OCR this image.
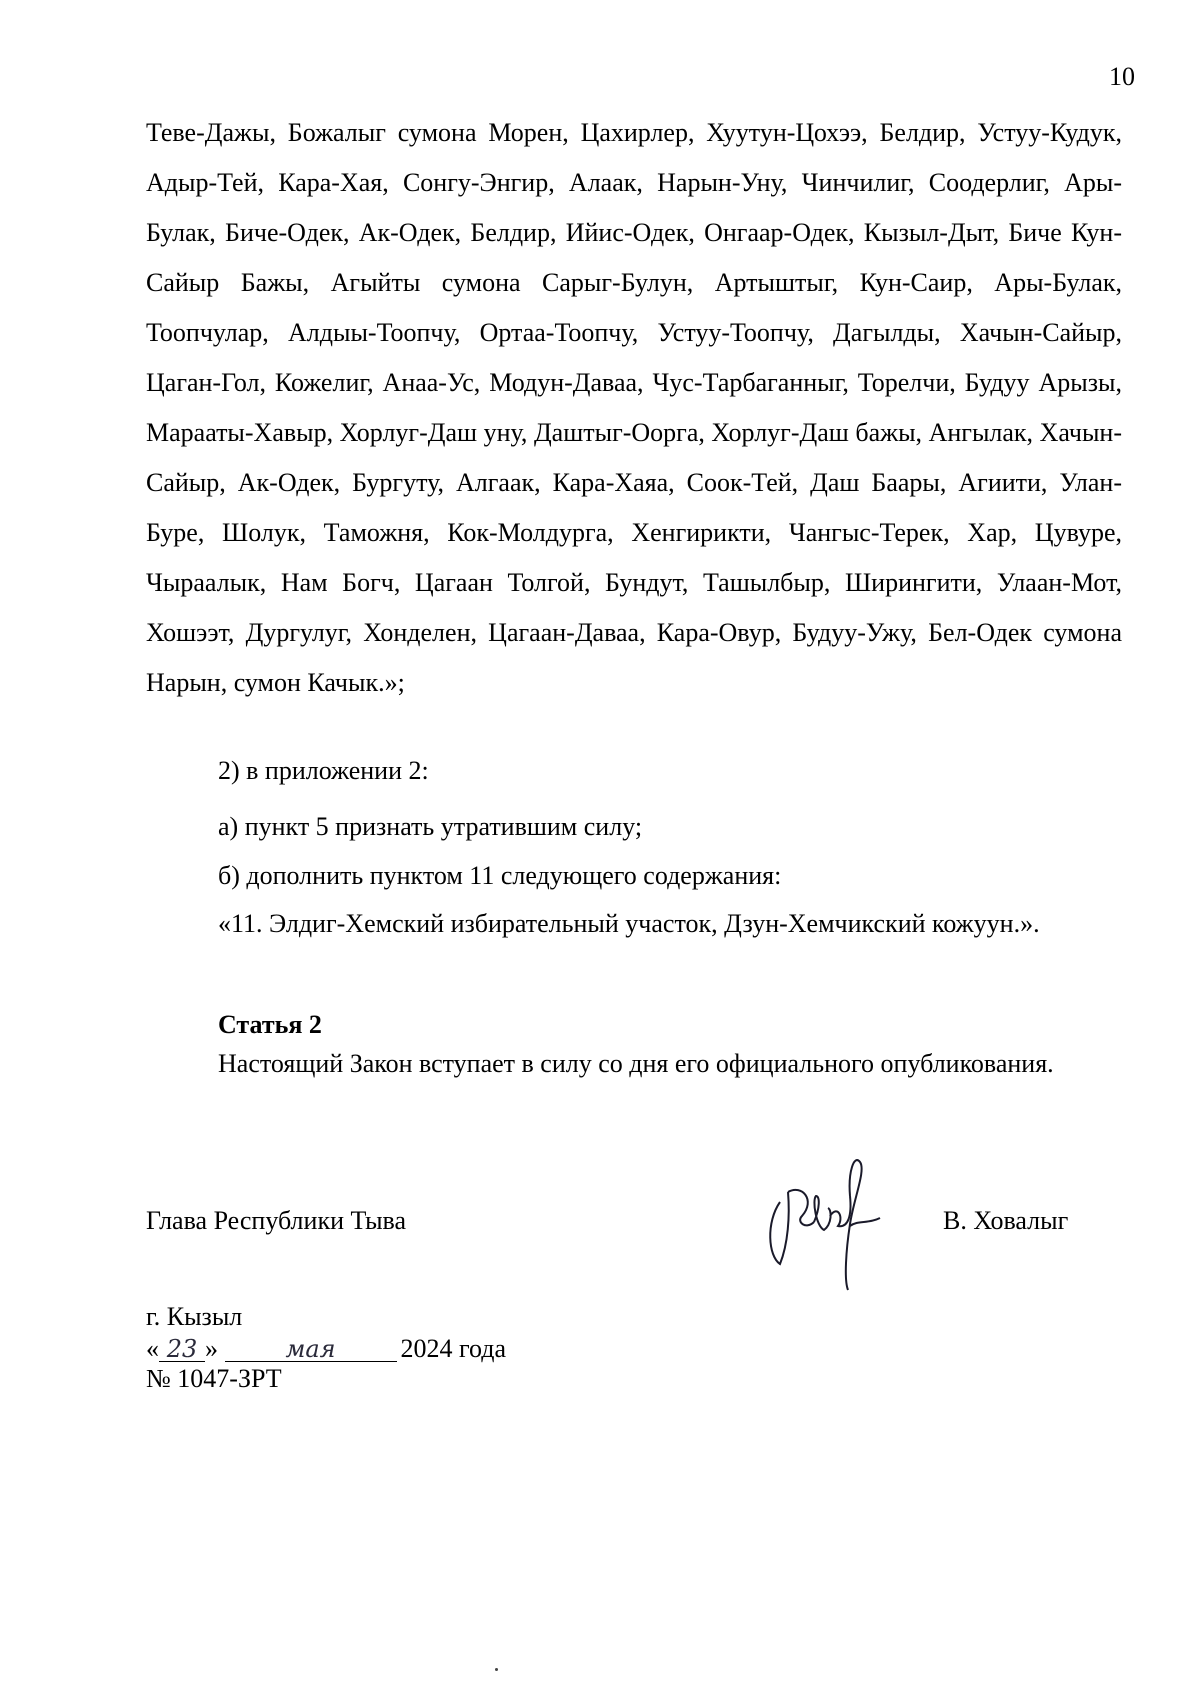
10

Теве-Дажы, Божалыг сумона Морен, Цахирлер, Хуутун-Цохээ, Белдир, Устуу-Кудук, Адыр-Тей, Кара-Хая, Сонгу-Энгир, Алаак, Нарын-Уну, Чинчилиг, Соодерлиг, Ары-Булак, Биче-Одек, Ак-Одек, Белдир, Ийис-Одек, Онгаар-Одек, Кызыл-Дыт, Биче Кун-Сайыр Бажы, Агыйты сумона Сарыг-Булун, Артыштыг, Кун-Саир, Ары-Булак, Тоопчулар, Алдыы-Тоопчу, Ортаа-Тоопчу, Устуу-Тоопчу, Дагылды, Хачын-Сайыр, Цаган-Гол, Кожелиг, Анаа-Ус, Модун-Даваа, Чус-Тарбаганныг, Торелчи, Будуу Арызы, Марааты-Хавыр, Хорлуг-Даш уну, Даштыг-Ооргa, Хорлуг-Даш бажы, Ангылак, Хачын-Сайыр, Ак-Одек, Бургуту, Алгаак, Кара-Хаяа, Соок-Тей, Даш Баары, Агиити, Улан-Буре, Шолук, Таможня, Кок-Молдурга, Хенгирикти, Чангыс-Терек, Хар, Цувуре, Чыраалык, Нам Богч, Цагаан Толгой, Бундут, Ташылбыр, Ширингити, Улаан-Мот, Хошээт, Дургулуг, Хонделен, Цагаан-Даваа, Кара-Овур, Будуу-Ужу, Бел-Одек сумона Нарын, сумон Качык.»;

2) в приложении 2:

а) пункт 5 признать утратившим силу;

б) дополнить пунктом 11 следующего содержания:

«11. Элдиг-Хемский избирательный участок, Дзун-Хемчикский кожуун.».

Статья 2

Настоящий Закон вступает в силу со дня его официального опубликования.

Глава Республики Тыва	В. Ховалыг
г. Кызыл
« 23 »	мая 2024 года
№ 1047-ЗРТ
